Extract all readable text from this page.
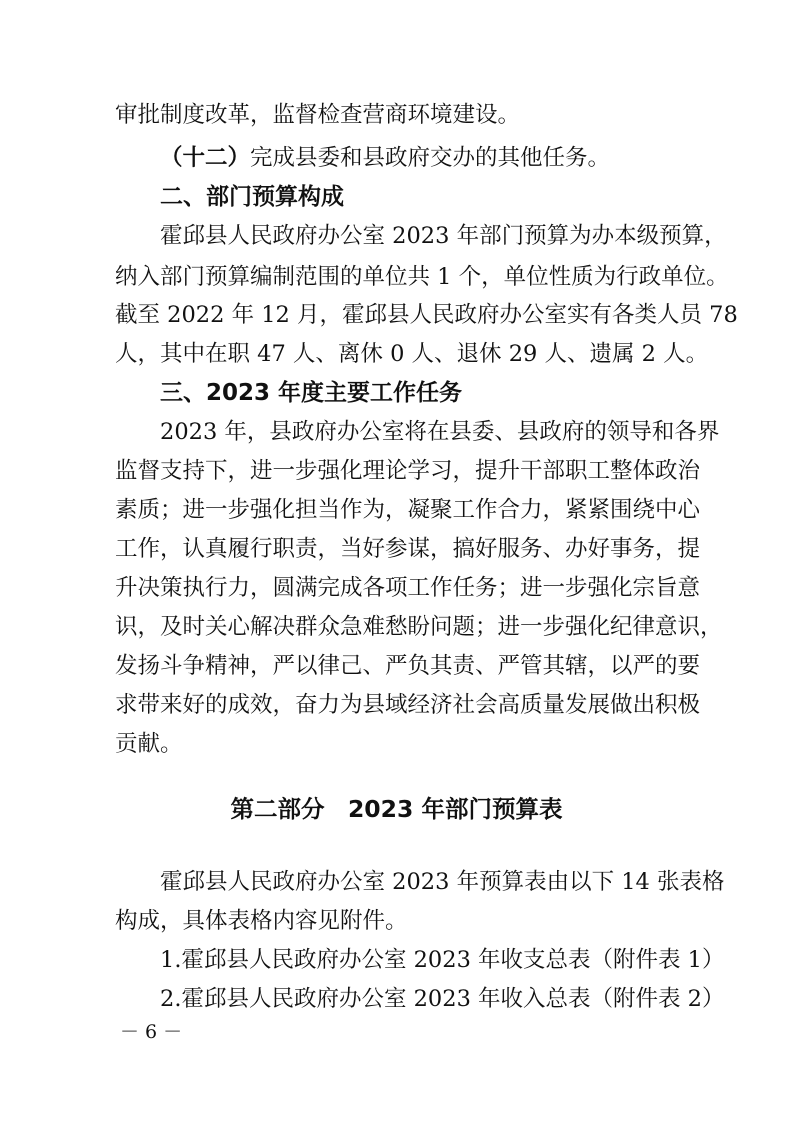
审批制度改革，监督检查营商环境建设。
（十二）完成县委和县政府交办的其他任务。
二、部门预算构成
霍邱县人民政府办公室 2023 年部门预算为办本级预算，
纳入部门预算编制范围的单位共 1 个，单位性质为行政单位。
截至 2022 年 12 月，霍邱县人民政府办公室实有各类人员 78
人，其中在职 47 人、离休 0 人、退休 29 人、遗属 2 人。
三、2023 年度主要工作任务
2023 年，县政府办公室将在县委、县政府的领导和各界
监督支持下，进一步强化理论学习，提升干部职工整体政治
素质；进一步强化担当作为，凝聚工作合力，紧紧围绕中心
工作，认真履行职责，当好参谋，搞好服务、办好事务，提
升决策执行力，圆满完成各项工作任务；进一步强化宗旨意
识，及时关心解决群众急难愁盼问题；进一步强化纪律意识，
发扬斗争精神，严以律己、严负其责、严管其辖，以严的要
求带来好的成效，奋力为县域经济社会高质量发展做出积极
贡献。
第二部分　2023 年部门预算表
霍邱县人民政府办公室 2023 年预算表由以下 14 张表格
构成，具体表格内容见附件。
1.霍邱县人民政府办公室 2023 年收支总表（附件表 1）
2.霍邱县人民政府办公室 2023 年收入总表（附件表 2）
－ 6 －
